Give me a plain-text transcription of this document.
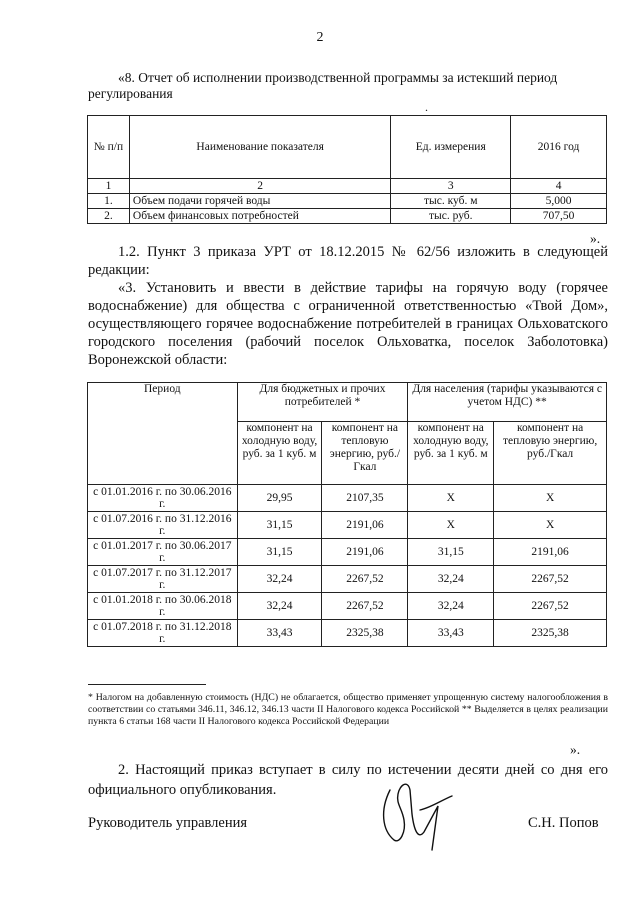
2
«8. Отчет об исполнении производственной программы за истекший период
регулирования
.
№ п/п	Наименование показателя	Ед. измерения	2016 год
1	2	3	4
1.	Объем подачи горячей воды	тыс. куб. м	5,000
2.	Объем финансовых потребностей	тыс. руб.	707,50
».

1.2. Пункт 3 приказа УРТ от 18.12.2015 № 62/56 изложить в следующей редакции:

«3. Установить и ввести в действие тарифы на горячую воду (горячее водоснабжение) для общества с ограниченной ответственностью «Твой Дом», осуществляющего горячее водоснабжение потребителей в границах Ольховатского городского поселения (рабочий поселок Ольховатка, поселок Заболотовка) Воронежской области:

Период	Для бюджетных и прочих потребителей *		Для населения (тарифы указываются с учетом НДС) **	
	компонент на холодную воду, руб. за 1 куб. м	компонент на тепловую энергию, руб./Гкал	компонент на холодную воду, руб. за 1 куб. м	компонент на тепловую энергию, руб./Гкал
с 01.01.2016 г. по 30.06.2016 г.	29,95	2107,35	Х	Х
с 01.07.2016 г. по 31.12.2016 г.	31,15	2191,06	Х	Х
с 01.01.2017 г. по 30.06.2017 г.	31,15	2191,06	31,15	2191,06
с 01.07.2017 г. по 31.12.2017 г.	32,24	2267,52	32,24	2267,52
с 01.01.2018 г. по 30.06.2018 г.	32,24	2267,52	32,24	2267,52
с 01.07.2018 г. по 31.12.2018 г.	33,43	2325,38	33,43	2325,38
* Налогом на добавленную стоимость (НДС) не облагается, общество применяет упрощенную систему налогообложения в соответствии со статьями 346.11, 346.12, 346.13 части II Налогового кодекса Российской ** Выделяется в целях реализации пункта 6 статьи 168 части II Налогового кодекса Российской Федерации
».
2. Настоящий приказ вступает в силу по истечении десяти дней со дня его официального опубликования.
Руководитель управления	С.Н. Попов
